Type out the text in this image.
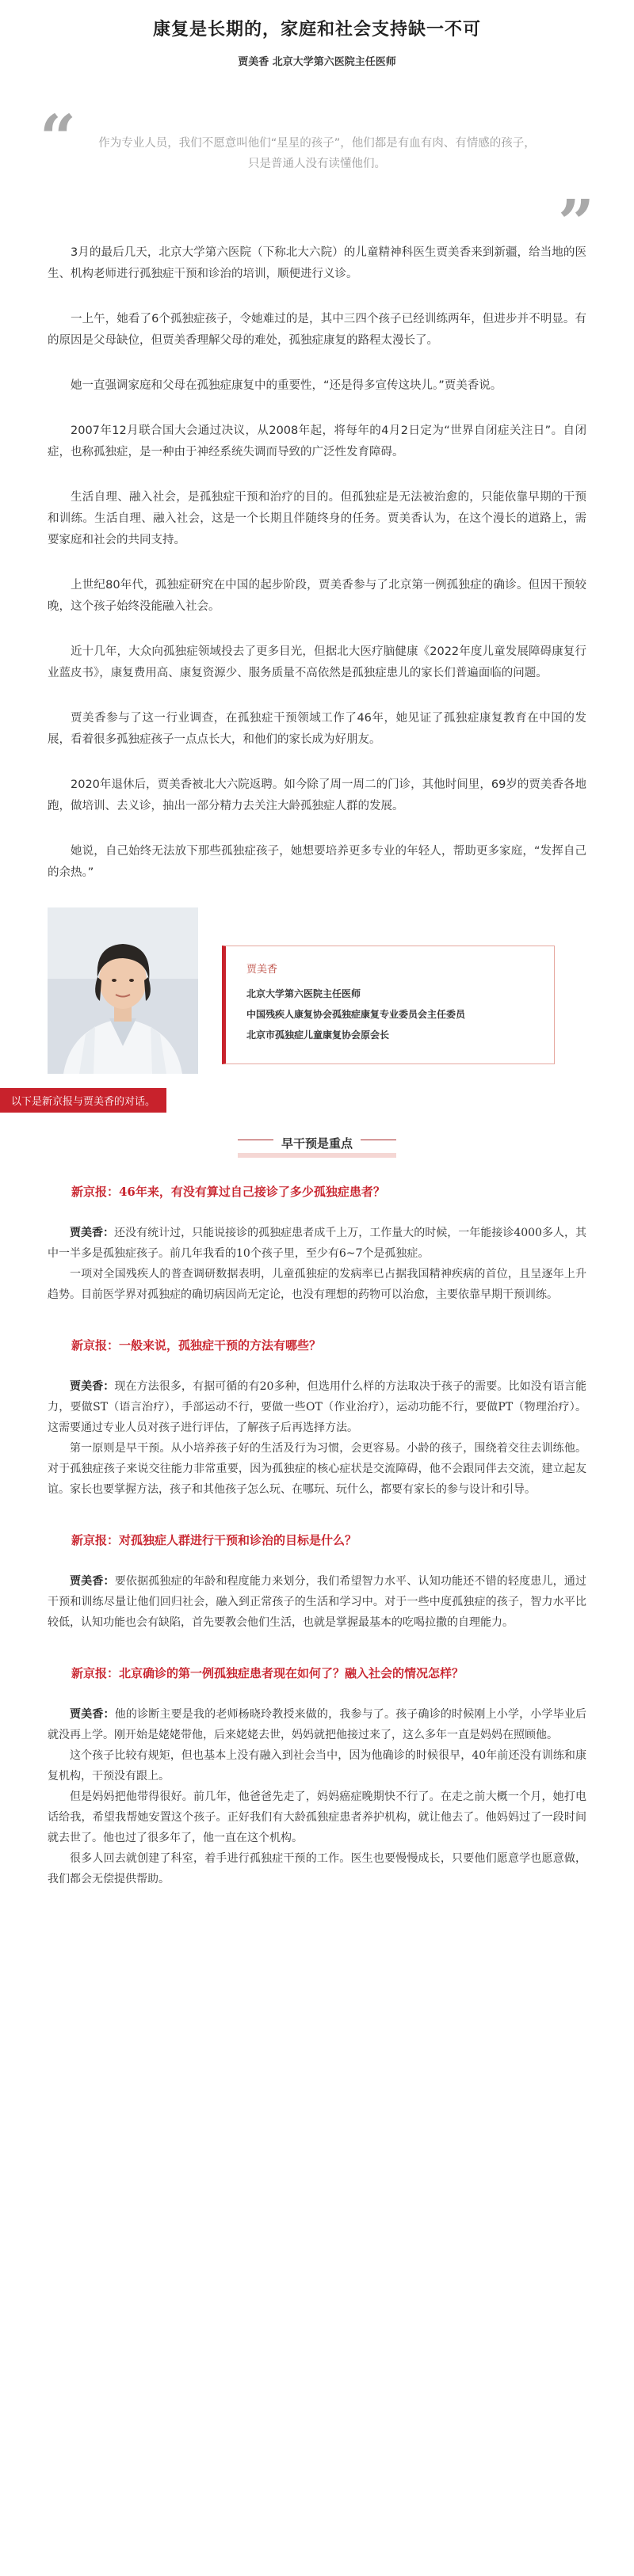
康复是长期的，家庭和社会支持缺一不可
贾美香 北京大学第六医院主任医师
“	作为专业人员，我们不愿意叫他们“星星的孩子”，他们都是有血有肉、有情感的孩子，只是普通人没有读懂他们。

”

3月的最后几天，北京大学第六医院（下称北大六院）的儿童精神科医生贾美香来到新疆，给当地的医生、机构老师进行孤独症干预和诊治的培训，顺便进行义诊。

一上午，她看了6个孤独症孩子，令她难过的是，其中三四个孩子已经训练两年，但进步并不明显。有的原因是父母缺位，但贾美香理解父母的难处，孤独症康复的路程太漫长了。

她一直强调家庭和父母在孤独症康复中的重要性，“还是得多宣传这块儿。”贾美香说。

2007年12月联合国大会通过决议，从2008年起，将每年的4月2日定为“世界自闭症关注日”。自闭症，也称孤独症，是一种由于神经系统失调而导致的广泛性发育障碍。

生活自理、融入社会，是孤独症干预和治疗的目的。但孤独症是无法被治愈的，只能依靠早期的干预和训练。生活自理、融入社会，这是一个长期且伴随终身的任务。贾美香认为，在这个漫长的道路上，需要家庭和社会的共同支持。

上世纪80年代，孤独症研究在中国的起步阶段，贾美香参与了北京第一例孤独症的确诊。但因干预较晚，这个孩子始终没能融入社会。

近十几年，大众向孤独症领域投去了更多目光，但据北大医疗脑健康《2022年度儿童发展障碍康复行业蓝皮书》，康复费用高、康复资源少、服务质量不高依然是孤独症患儿的家长们普遍面临的问题。

贾美香参与了这一行业调查，在孤独症干预领域工作了46年，她见证了孤独症康复教育在中国的发展，看着很多孤独症孩子一点点长大，和他们的家长成为好朋友。

2020年退休后，贾美香被北大六院返聘。如今除了周一周二的门诊，其他时间里，69岁的贾美香各地跑，做培训、去义诊，抽出一部分精力去关注大龄孤独症人群的发展。

她说，自己始终无法放下那些孤独症孩子，她想要培养更多专业的年轻人，帮助更多家庭，“发挥自己的余热。”

贾美香
北京大学第六医院主任医师
中国残疾人康复协会孤独症康复专业委员会主任委员
北京市孤独症儿童康复协会原会长
以下是新京报与贾美香的对话。
早干预是重点

新京报：46年来，有没有算过自己接诊了多少孤独症患者？

贾美香：还没有统计过，只能说接诊的孤独症患者成千上万，工作量大的时候，一年能接诊4000多人，其中一半多是孤独症孩子。前几年我看的10个孩子里，至少有6~7个是孤独症。

一项对全国残疾人的普查调研数据表明，儿童孤独症的发病率已占据我国精神疾病的首位，且呈逐年上升趋势。目前医学界对孤独症的确切病因尚无定论，也没有理想的药物可以治愈，主要依靠早期干预训练。

新京报：一般来说，孤独症干预的方法有哪些？

贾美香：现在方法很多，有据可循的有20多种，但选用什么样的方法取决于孩子的需要。比如没有语言能力，要做ST（语言治疗），手部运动不行，要做一些OT（作业治疗），运动功能不行，要做PT（物理治疗）。这需要通过专业人员对孩子进行评估，了解孩子后再选择方法。

第一原则是早干预。从小培养孩子好的生活及行为习惯，会更容易。小龄的孩子，围绕着交往去训练他。对于孤独症孩子来说交往能力非常重要，因为孤独症的核心症状是交流障碍，他不会跟同伴去交流，建立起友谊。家长也要掌握方法，孩子和其他孩子怎么玩、在哪玩、玩什么，都要有家长的参与设计和引导。

新京报：对孤独症人群进行干预和诊治的目标是什么？

贾美香：要依据孤独症的年龄和程度能力来划分，我们希望智力水平、认知功能还不错的轻度患儿，通过干预和训练尽量让他们回归社会，融入到正常孩子的生活和学习中。对于一些中度孤独症的孩子，智力水平比较低，认知功能也会有缺陷，首先要教会他们生活，也就是掌握最基本的吃喝拉撒的自理能力。

新京报：北京确诊的第一例孤独症患者现在如何了？融入社会的情况怎样？

贾美香：他的诊断主要是我的老师杨晓玲教授来做的，我参与了。孩子确诊的时候刚上小学，小学毕业后就没再上学。刚开始是姥姥带他，后来姥姥去世，妈妈就把他接过来了，这么多年一直是妈妈在照顾他。

这个孩子比较有规矩，但也基本上没有融入到社会当中，因为他确诊的时候很早，40年前还没有训练和康复机构，干预没有跟上。

但是妈妈把他带得很好。前几年，他爸爸先走了，妈妈癌症晚期快不行了。在走之前大概一个月，她打电话给我，希望我帮她安置这个孩子。正好我们有大龄孤独症患者养护机构，就让他去了。他妈妈过了一段时间就去世了。他也过了很多年了，他一直在这个机构。

很多人回去就创建了科室，着手进行孤独症干预的工作。医生也要慢慢成长，只要他们愿意学也愿意做，我们都会无偿提供帮助。
